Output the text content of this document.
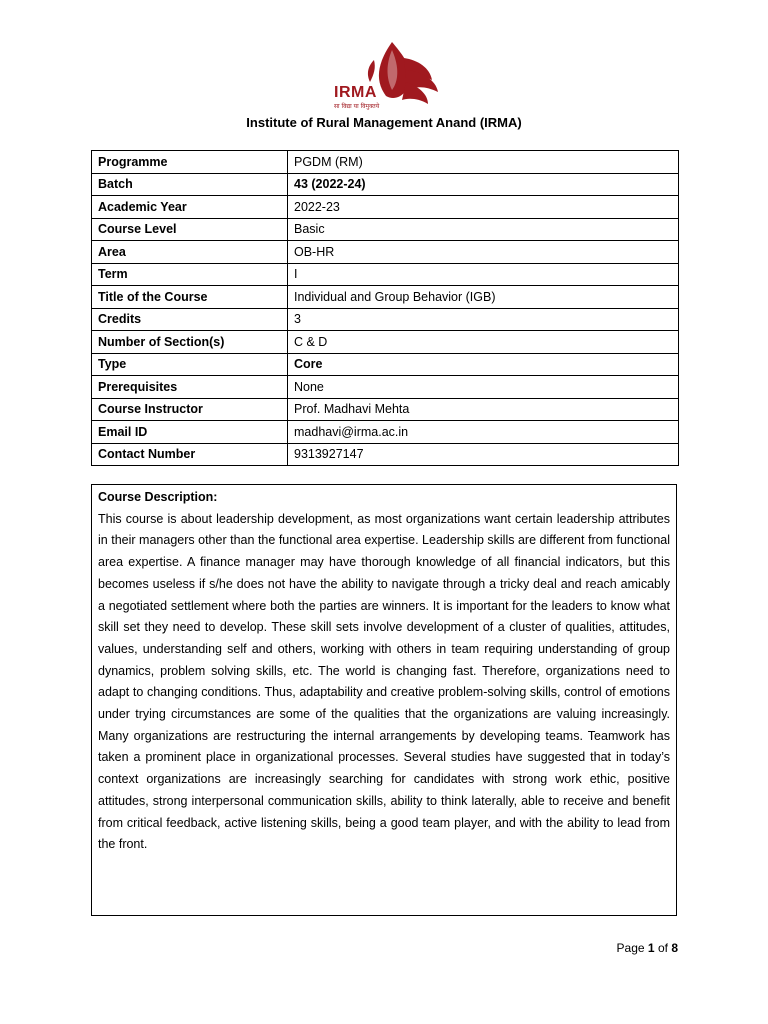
IRMA
सा विद्या या विमुक्तये
Institute of Rural Management Anand (IRMA)
Programme	PGDM (RM)
Batch	43 (2022-24)
Academic Year	2022-23
Course Level	Basic
Area	OB-HR
Term	I
Title of the Course	Individual and Group Behavior (IGB)
Credits	3
Number of Section(s)	C & D
Type	Core
Prerequisites	None
Course Instructor	Prof. Madhavi Mehta
Email ID	madhavi@irma.ac.in
Contact Number	9313927147
Course Description:

This course is about leadership development, as most organizations want certain leadership attributes in their managers other than the functional area expertise. Leadership skills are different from functional area expertise. A finance manager may have thorough knowledge of all financial indicators, but this becomes useless if s/he does not have the ability to navigate through a tricky deal and reach amicably a negotiated settlement where both the parties are winners. It is important for the leaders to know what skill set they need to develop. These skill sets involve development of a cluster of qualities, attitudes, values, understanding self and others, working with others in team requiring understanding of group dynamics, problem solving skills, etc. The world is changing fast. Therefore, organizations need to adapt to changing conditions. Thus, adaptability and creative problem-solving skills, control of emotions under trying circumstances are some of the qualities that the organizations are valuing increasingly. Many organizations are restructuring the internal arrangements by developing teams. Teamwork has taken a prominent place in organizational processes. Several studies have suggested that in today’s context organizations are increasingly searching for candidates with strong work ethic, positive attitudes, strong interpersonal communication skills, ability to think laterally, able to receive and benefit from critical feedback, active listening skills, being a good team player, and with the ability to lead from the front.

Page 1 of 8
